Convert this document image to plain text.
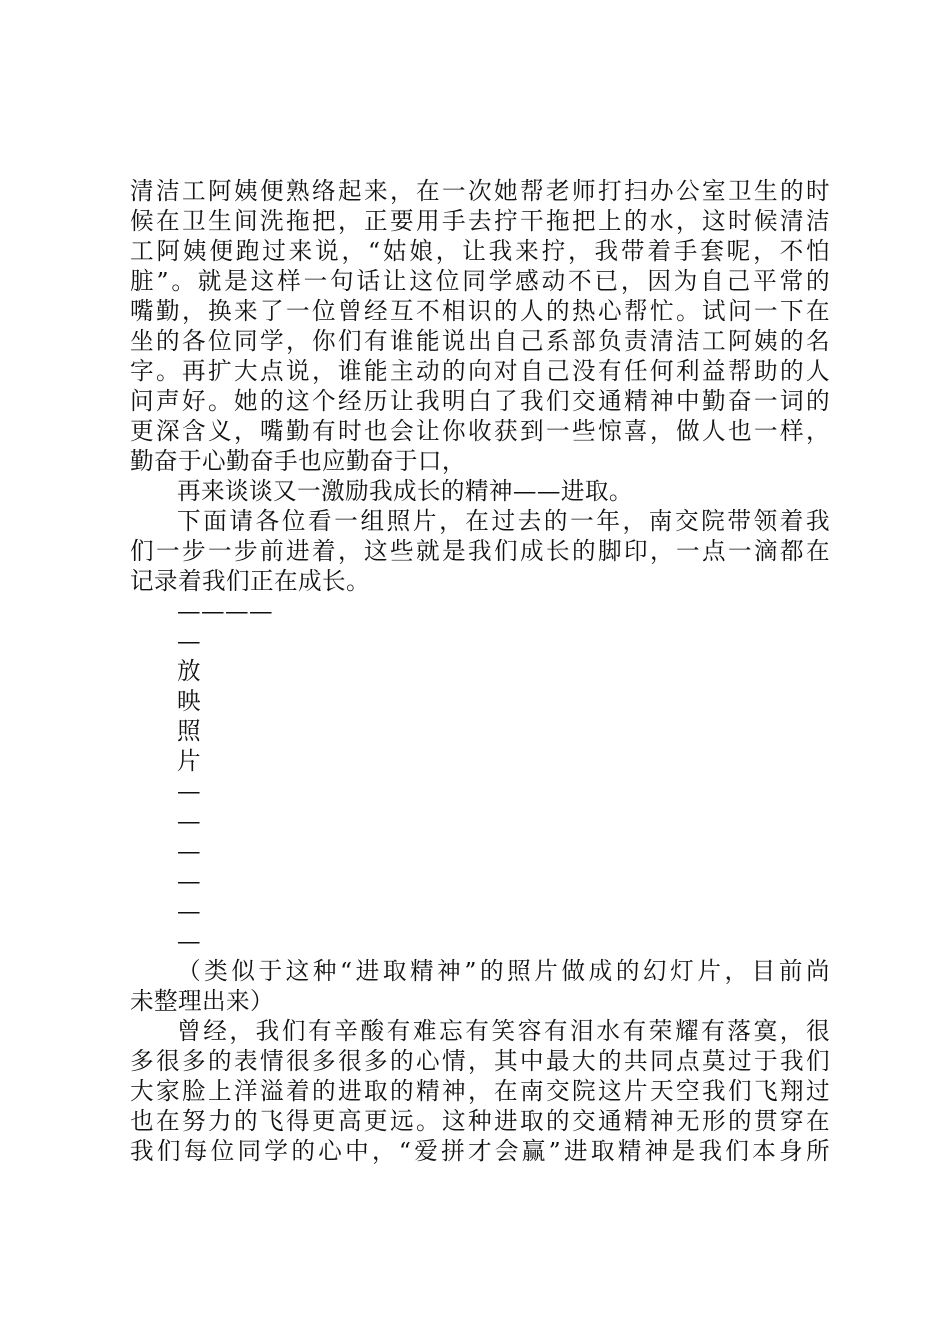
清洁工阿姨便熟络起来，在一次她帮老师打扫办公室卫生的时
候在卫生间洗拖把，正要用手去拧干拖把上的水，这时候清洁
工阿姨便跑过来说，“姑娘，让我来拧，我带着手套呢，不怕
脏”。就是这样一句话让这位同学感动不已，因为自己平常的
嘴勤，换来了一位曾经互不相识的人的热心帮忙。试问一下在
坐的各位同学，你们有谁能说出自己系部负责清洁工阿姨的名
字。再扩大点说，谁能主动的向对自己没有任何利益帮助的人
问声好。她的这个经历让我明白了我们交通精神中勤奋一词的
更深含义，嘴勤有时也会让你收获到一些惊喜，做人也一样，
勤奋于心勤奋手也应勤奋于口，
再来谈谈又一激励我成长的精神——进取。
下面请各位看一组照片，在过去的一年，南交院带领着我
们一步一步前进着，这些就是我们成长的脚印，一点一滴都在
记录着我们正在成长。
————
—
放
映
照
片
—
—
—
—
—
—
（类似于这种“进取精神”的照片做成的幻灯片，目前尚
未整理出来）
曾经，我们有辛酸有难忘有笑容有泪水有荣耀有落寞，很
多很多的表情很多很多的心情，其中最大的共同点莫过于我们
大家脸上洋溢着的进取的精神，在南交院这片天空我们飞翔过
也在努力的飞得更高更远。这种进取的交通精神无形的贯穿在
我们每位同学的心中，“爱拼才会赢”进取精神是我们本身所
